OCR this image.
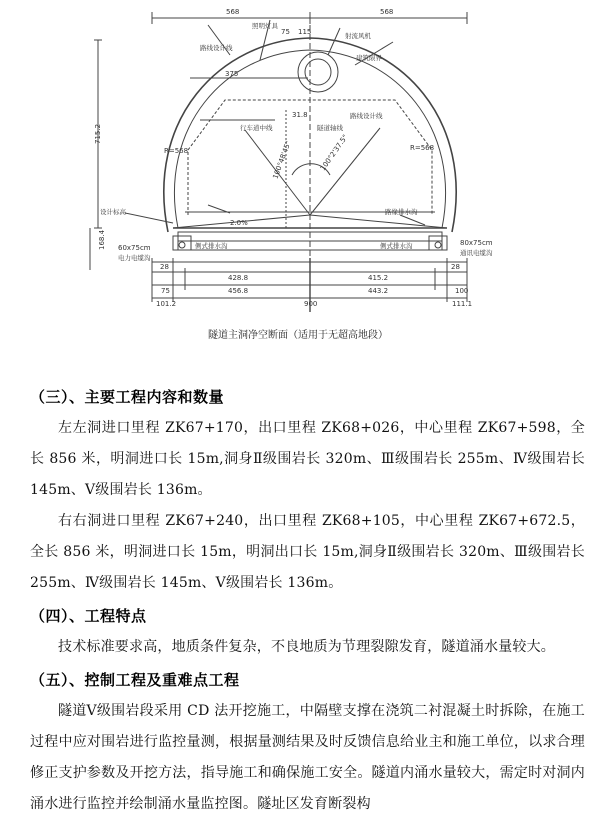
568	568
75 115
375
715.2
31.8
R=568	R=568
100°48'45"	100°2'37.5"
2.0%
60x75cm
80x75cm
168.4
28	28
428.8	415.2
75	456.8	443.2	100
101.2	900	111.1
照明灯具
射流风机
路线设计线
建筑限界
行车道中线	隧道轴线
路线设计线
设计标高
电力电缆沟
通讯电缆沟
侧式排水沟	侧式排水沟
路缘排水沟
隧道主洞净空断面（适用于无超高地段）
（三）、主要工程内容和数量

左左洞进口里程 ZK67+170，出口里程 ZK68+026，中心里程 ZK67+598，全长 856 米，明洞进口长 15m,洞身Ⅱ级围岩长 320m、Ⅲ级围岩长 255m、Ⅳ级围岩长 145m、Ⅴ级围岩长 136m。

右右洞进口里程 ZK67+240，出口里程 ZK68+105，中心里程 ZK67+672.5，全长 856 米，明洞进口长 15m，明洞出口长 15m,洞身Ⅱ级围岩长 320m、Ⅲ级围岩长 255m、Ⅳ级围岩长 145m、Ⅴ级围岩长 136m。

（四）、工程特点

技术标准要求高，地质条件复杂，不良地质为节理裂隙发育，隧道涌水量较大。

（五）、控制工程及重难点工程

隧道Ⅴ级围岩段采用 CD 法开挖施工，中隔壁支撑在浇筑二衬混凝土时拆除，在施工过程中应对围岩进行监控量测，根据量测结果及时反馈信息给业主和施工单位，以求合理修正支护参数及开挖方法，指导施工和确保施工安全。隧道内涌水量较大，需定时对洞内涌水进行监控并绘制涌水量监控图。隧址区发育断裂构
